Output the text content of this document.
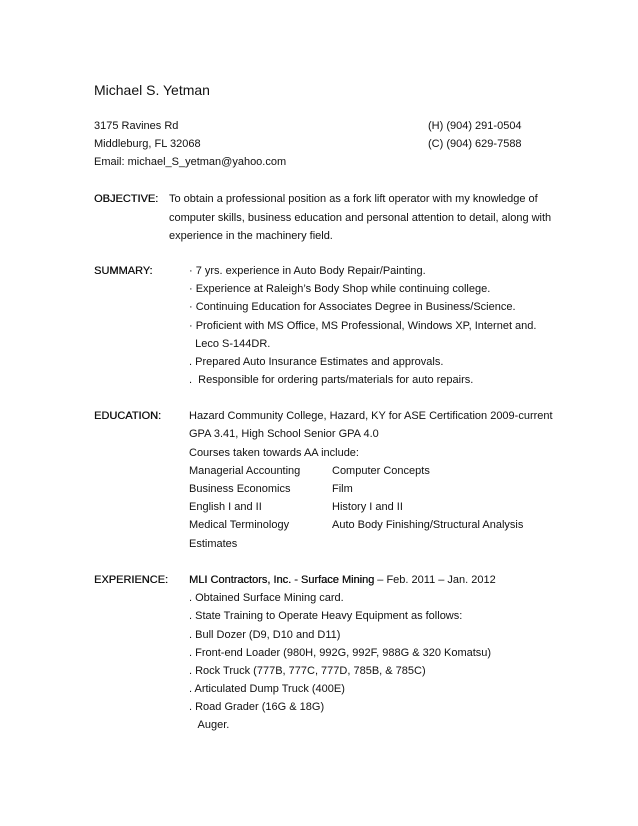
Michael S. Yetman
3175 Ravines Rd
Middleburg, FL 32068
Email: michael_S_yetman@yahoo.com
(H) (904) 291-0504
(C) (904) 629-7588
OBJECTIVE: To obtain a professional position as a fork lift operator with my knowledge of
computer skills, business education and personal attention to detail, along with
experience in the machinery field.
SUMMARY:	· 7 yrs. experience in Auto Body Repair/Painting.
· Experience at Raleigh’s Body Shop while continuing college.
· Continuing Education for Associates Degree in Business/Science.
· Proficient with MS Office, MS Professional, Windows XP, Internet and.
Leco S-144DR.
. Prepared Auto Insurance Estimates and approvals.
.  Responsible for ordering parts/materials for auto repairs.
EDUCATION:	Hazard Community College, Hazard, KY for ASE Certification 2009-current
GPA 3.41, High School Senior GPA 4.0
Courses taken towards AA include:
Managerial Accounting
Business Economics
English I and II
Medical Terminology
Estimates
Computer Concepts
Film
History I and II
Auto Body Finishing/Structural Analysis
EXPERIENCE: MLI Contractors, Inc. - Surface Mining – Feb. 2011 – Jan. 2012
. Obtained Surface Mining card.
. State Training to Operate Heavy Equipment as follows:
. Bull Dozer (D9, D10 and D11)
. Front-end Loader (980H, 992G, 992F, 988G & 320 Komatsu)
. Rock Truck (777B, 777C, 777D, 785B, & 785C)
. Articulated Dump Truck (400E)
. Road Grader (16G & 18G)
Auger.
